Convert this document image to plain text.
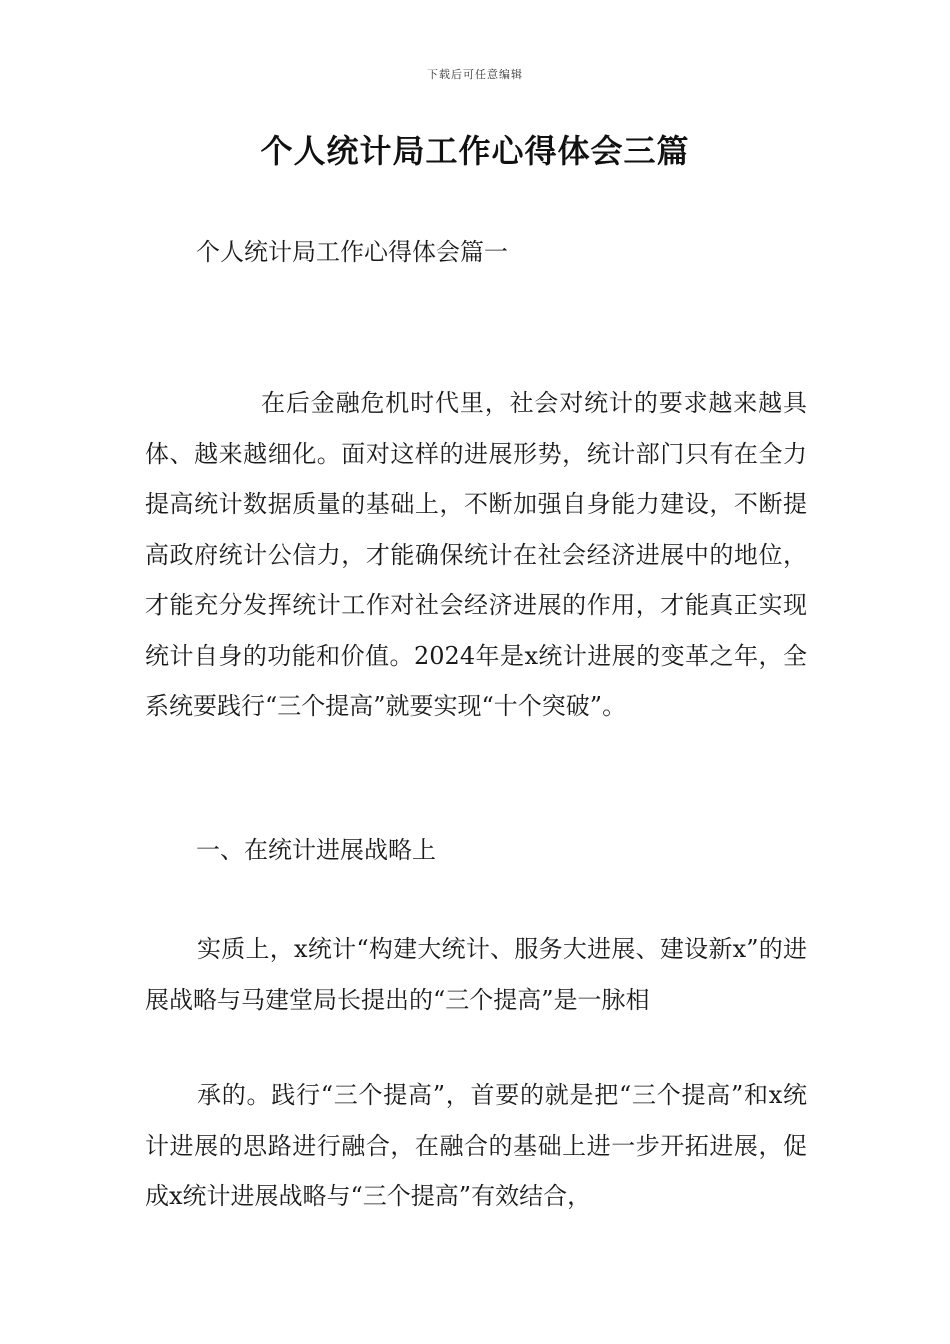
下载后可任意编辑
个人统计局工作心得体会三篇
个人统计局工作心得体会篇一

在后金融危机时代里，社会对统计的要求越来越具体、越来越细化。面对这样的进展形势，统计部门只有在全力提高统计数据质量的基础上，不断加强自身能力建设，不断提高政府统计公信力，才能确保统计在社会经济进展中的地位，才能充分发挥统计工作对社会经济进展的作用，才能真正实现统计自身的功能和价值。2024年是x统计进展的变革之年，全系统要践行“三个提高”就要实现“十个突破”。

一、在统计进展战略上

实质上，x统计“构建大统计、服务大进展、建设新x”的进展战略与马建堂局长提出的“三个提高”是一脉相

承的。践行“三个提高”，首要的就是把“三个提高”和x统计进展的思路进行融合，在融合的基础上进一步开拓进展，促成x统计进展战略与“三个提高”有效结合，
